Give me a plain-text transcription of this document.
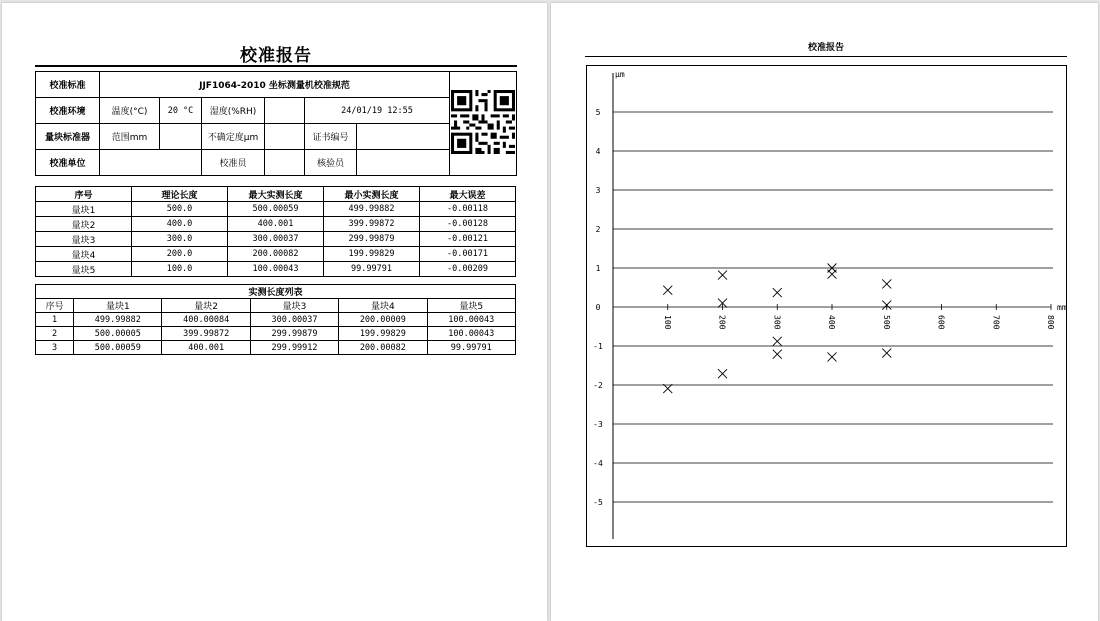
校准报告
校准标准	JJF1064-2010 坐标测量机校准规范	
校准环境	温度(°C)	20 °C	湿度(%RH)		24/01/19 12:55		
量块标准器	范围mm		不确定度μm		证书编号		
校准单位			校准员		核验员		
序号	理论长度	最大实测长度	最小实测长度	最大误差
量块1	500.0	500.00059	499.99882	-0.00118
量块2	400.0	400.001	399.99872	-0.00128
量块3	300.0	300.00037	299.99879	-0.00121
量块4	200.0	200.00082	199.99829	-0.00171
量块5	100.0	100.00043	99.99791	-0.00209
实测长度列表					
序号	量块1	量块2	量块3	量块4	量块5
1	499.99882	400.00084	300.00037	200.00009	100.00043
2	500.00005	399.99872	299.99879	199.99829	100.00043
3	500.00059	400.001	299.99912	200.00082	99.99791
校准报告
5
4
3
2
1
0
-1
-2
-3
-4
-5
μm
mm
100	200	300	400	500	600	700	800
